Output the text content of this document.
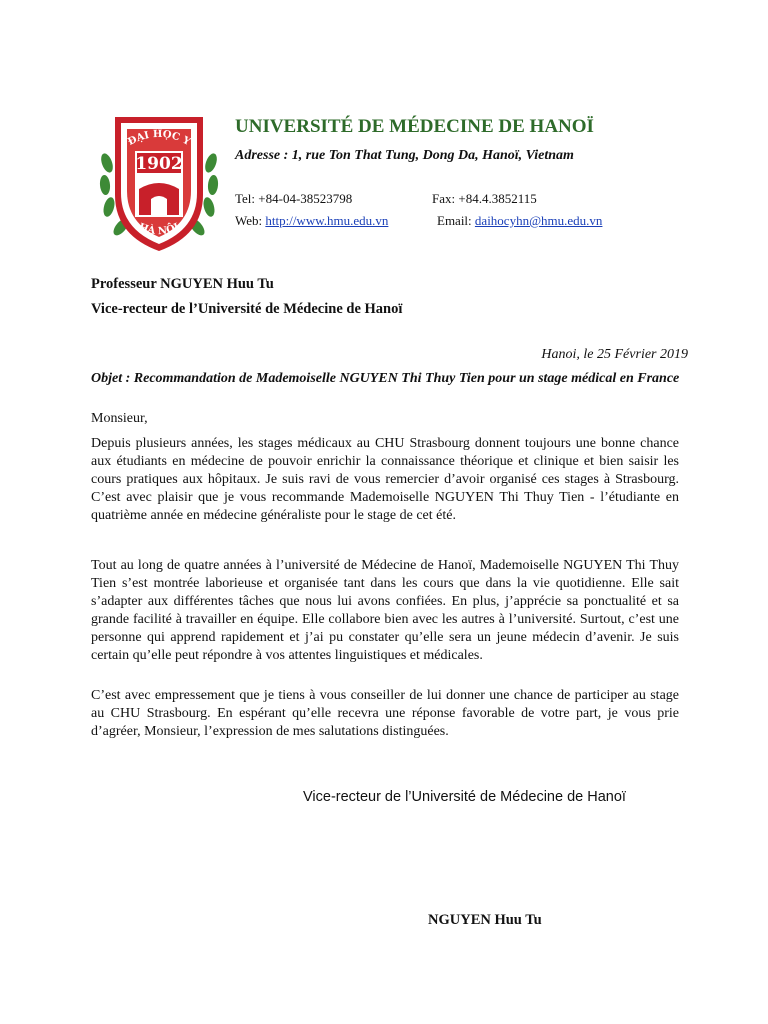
ĐẠI HỌC Y
1902
HÀ NỘI
UNIVERSITÉ DE MÉDECINE DE HANOÏ
Adresse : 1, rue Ton That Tung, Dong Da, Hanoï, Vietnam
Tel: +84-04-38523798	Fax: +84.4.3852115
Web: http://www.hmu.edu.vn	Email: daihocyhn@hmu.edu.vn
Professeur NGUYEN Huu Tu
Vice-recteur de l’Université de Médecine de Hanoï
Hanoi, le 25 Février 2019
Objet : Recommandation de Mademoiselle NGUYEN Thi Thuy Tien pour un stage médical en France
Monsieur,
Depuis plusieurs années, les stages médicaux au CHU Strasbourg donnent toujours une bonne chance aux étudiants en médecine de pouvoir enrichir la connaissance théorique et clinique et bien saisir les cours pratiques aux hôpitaux. Je suis ravi de vous remercier d’avoir organisé ces stages à Strasbourg. C’est avec plaisir que je vous recommande Mademoiselle NGUYEN Thi Thuy Tien - l’étudiante en quatrième année en médecine généraliste pour le stage de cet été.
Tout au long de quatre années à l’université de Médecine de Hanoï, Mademoiselle NGUYEN Thi Thuy Tien s’est montrée laborieuse et organisée tant dans les cours que dans la vie quotidienne. Elle sait s’adapter aux différentes tâches que nous lui avons confiées. En plus, j’apprécie sa ponctualité et sa grande facilité à travailler en équipe. Elle collabore bien avec les autres à l’université. Surtout, c’est une personne qui apprend rapidement et j’ai pu constater qu’elle sera un jeune médecin d’avenir. Je suis certain qu’elle peut répondre à vos attentes linguistiques et médicales.
C’est avec empressement que je tiens à vous conseiller de lui donner une chance de participer au stage au CHU Strasbourg. En espérant qu’elle recevra une réponse favorable de votre part, je vous prie d’agréer, Monsieur, l’expression de mes salutations distinguées.
Vice-recteur de l’Université de Médecine de Hanoï
NGUYEN Huu Tu
